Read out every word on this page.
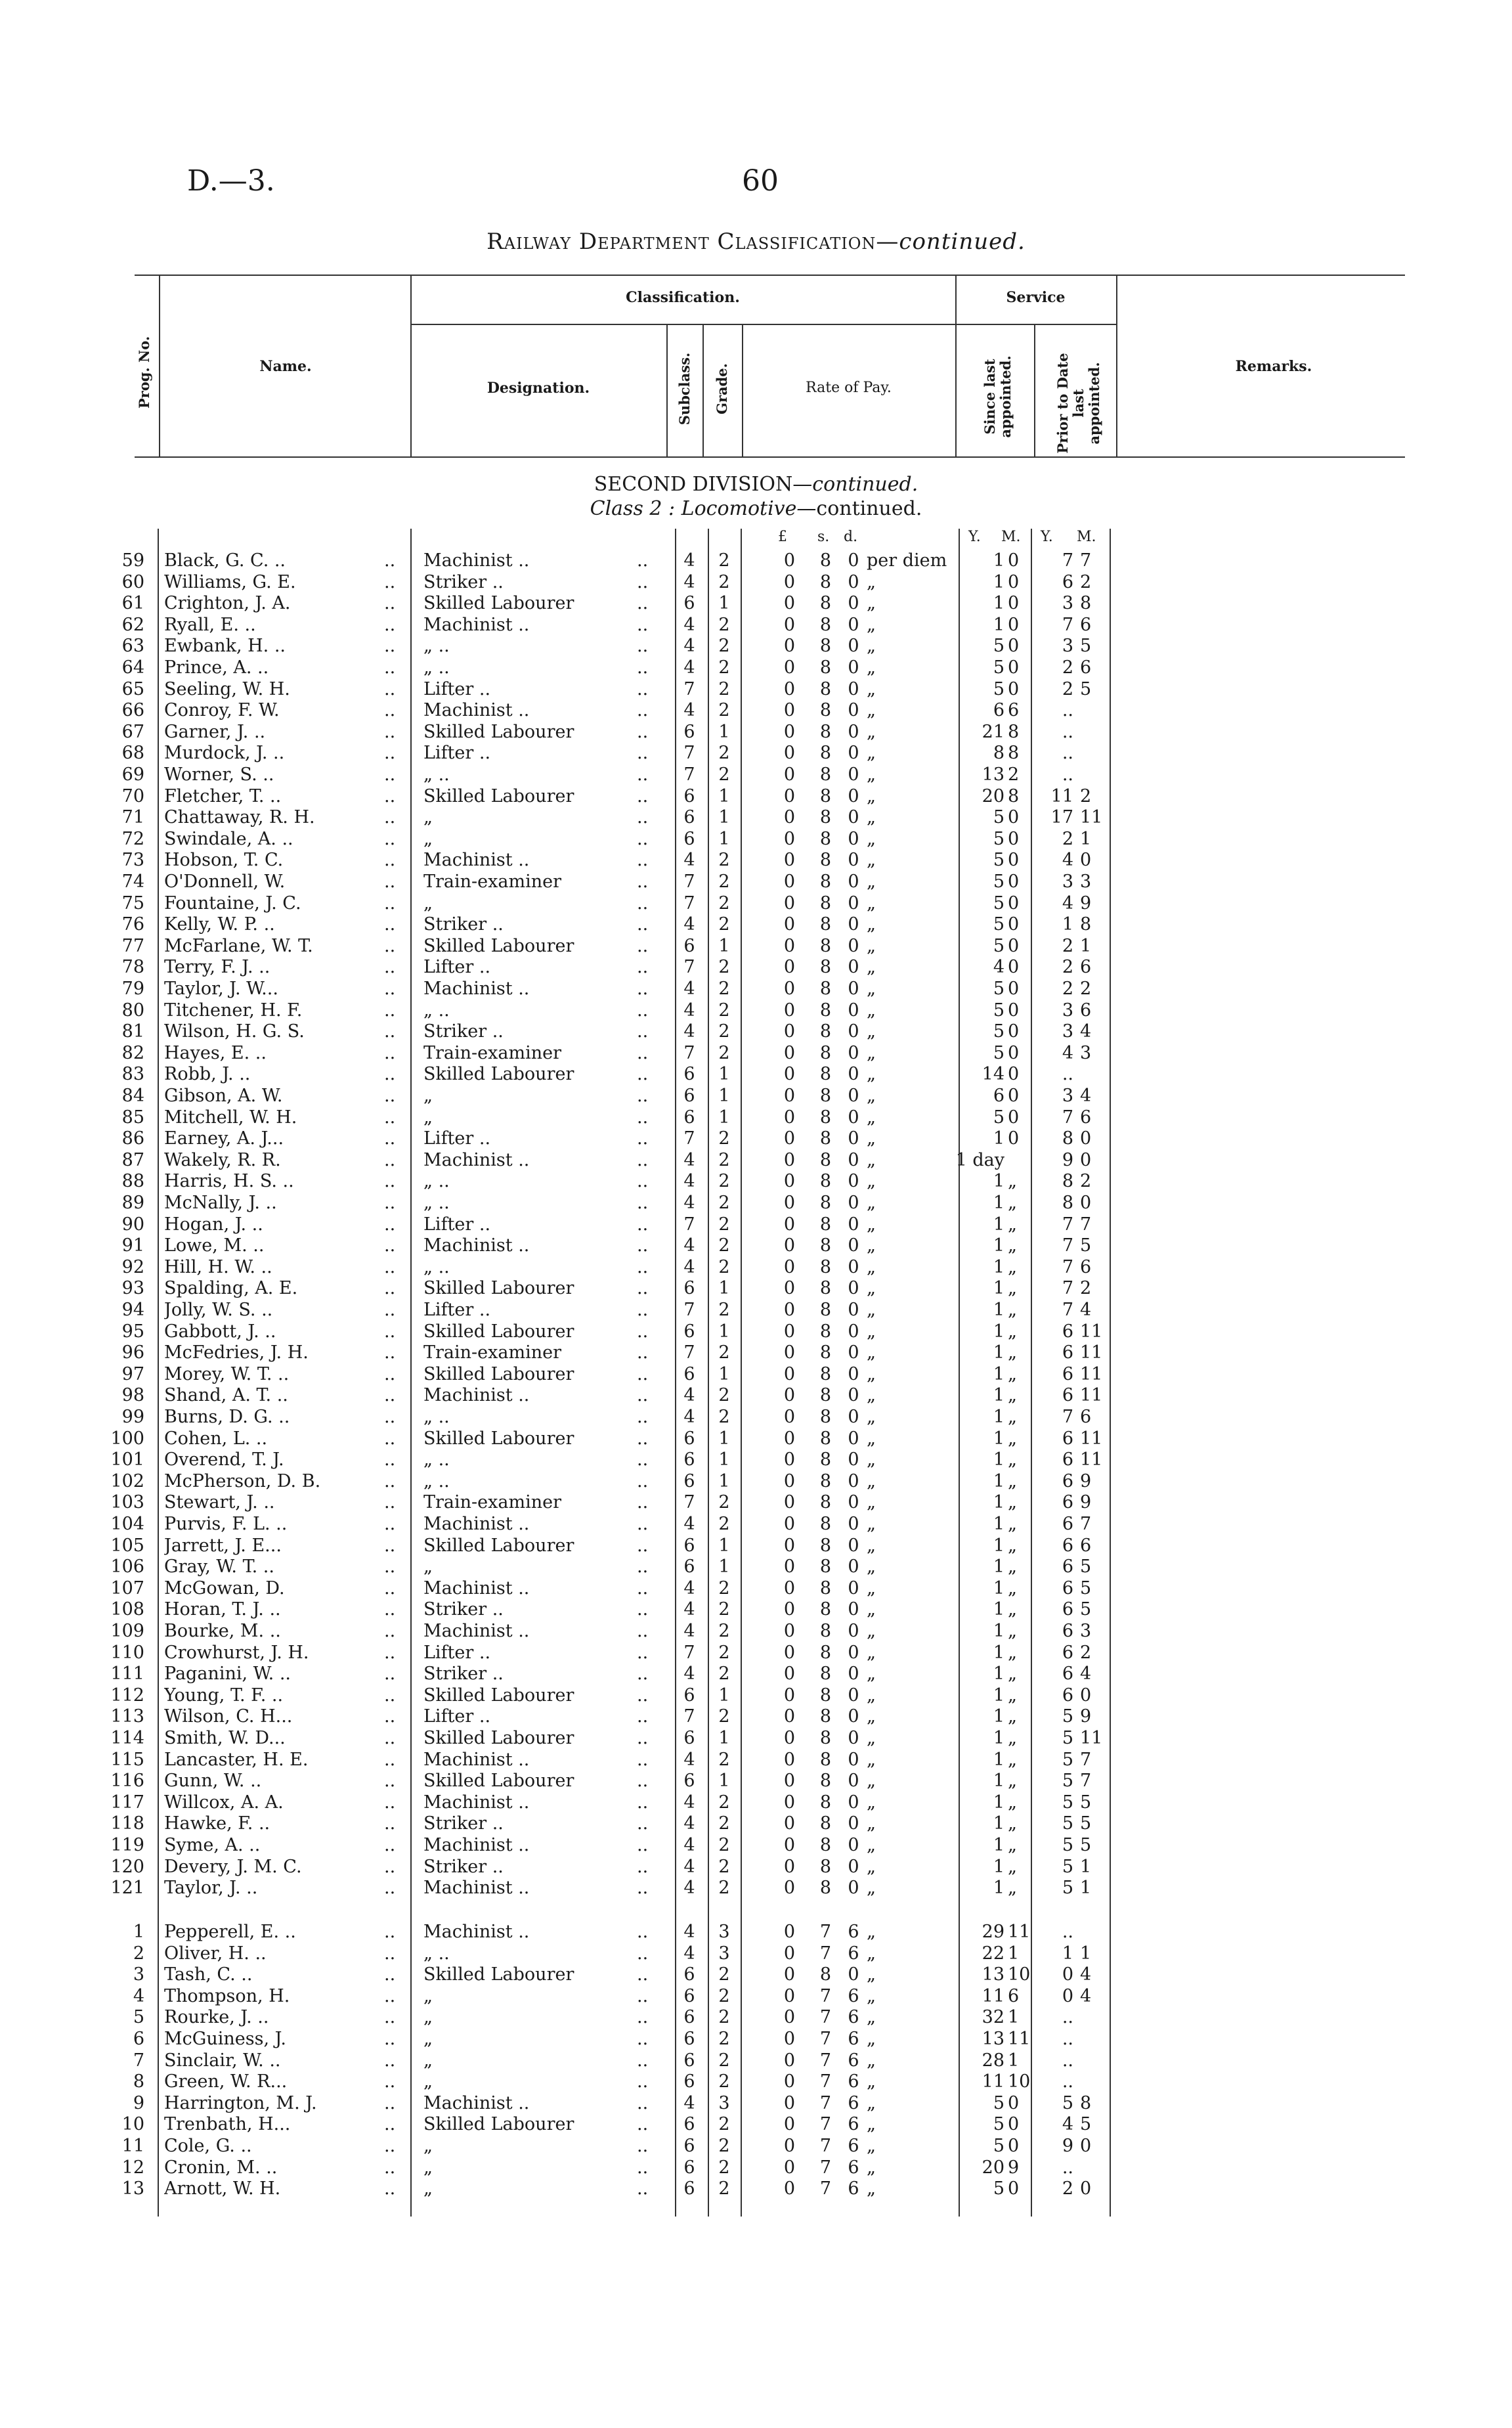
D.—3.	60
Railway Department Classification—continued.
Prog. No.	Name.
Classification.	Service
Designation.	Subclass. Grade.	Rate of Pay.	Since last appointed.	Prior to Date last appointed.	Remarks.
SECOND DIVISION—continued.
Class 2 : Locomotive—continued.
£ s. d.	Y. M. Y. M.
59 Black, G. C. ..	.. Machinist ..	..	4	2	0	8 0 per diem	1 0	7 7
60 Williams, G. E.	.. Striker ..	..	4	2	0	8 0 „	1 0	6 2
61 Crighton, J. A.	.. Skilled Labourer	..	6	1	0	8 0 „	1 0	3 8
62 Ryall, E. ..	.. Machinist ..	..	4	2	0	8 0 „	1 0	7 6
63 Ewbank, H. ..	.. „ ..	..	4	2	0	8 0 „	5 0	3 5
64 Prince, A. ..	.. „ ..	..	4	2	0	8 0 „	5 0	2 6
65 Seeling, W. H.	.. Lifter ..	..	7	2	0	8 0 „	5 0	2 5
66 Conroy, F. W.	.. Machinist ..	..	4	2	0	8 0 „	6 6	..
67 Garner, J. ..	.. Skilled Labourer	..	6	1	0	8 0 „	21 8	..
68 Murdock, J. ..	.. Lifter ..	..	7	2	0	8 0 „	8 8	..
69 Worner, S. ..	.. „ ..	..	7	2	0	8 0 „	13 2	..
70 Fletcher, T. ..	.. Skilled Labourer	..	6	1	0	8 0 „	20 8	11 2
71 Chattaway, R. H.	.. „	..	6	1	0	8 0 „	5 0	17 11
72 Swindale, A. ..	.. „	..	6	1	0	8 0 „	5 0	2 1
73 Hobson, T. C.	.. Machinist ..	..	4	2	0	8 0 „	5 0	4 0
74 O'Donnell, W.	.. Train-examiner	..	7	2	0	8 0 „	5 0	3 3
75 Fountaine, J. C.	.. „	..	7	2	0	8 0 „	5 0	4 9
76 Kelly, W. P. ..	.. Striker ..	..	4	2	0	8 0 „	5 0	1 8
77 McFarlane, W. T.	.. Skilled Labourer	..	6	1	0	8 0 „	5 0	2 1
78 Terry, F. J. ..	.. Lifter ..	..	7	2	0	8 0 „	4 0	2 6
79 Taylor, J. W...	.. Machinist ..	..	4	2	0	8 0 „	5 0	2 2
80 Titchener, H. F.	.. „ ..	..	4	2	0	8 0 „	5 0	3 6
81 Wilson, H. G. S.	.. Striker ..	..	4	2	0	8 0 „	5 0	3 4
82 Hayes, E. ..	.. Train-examiner	..	7	2	0	8 0 „	5 0	4 3
83 Robb, J. ..	.. Skilled Labourer	..	6	1	0	8 0 „	14 0	..
84 Gibson, A. W.	.. „	..	6	1	0	8 0 „	6 0	3 4
85 Mitchell, W. H.	.. „	..	6	1	0	8 0 „	5 0	7 6
86 Earney, A. J...	.. Lifter ..	..	7	2	0	8 0 „	1 0	8 0
87 Wakely, R. R.	.. Machinist ..	..	4	2	0	8 0 „	1 day	9 0
88 Harris, H. S. ..	.. „ ..	..	4	2	0	8 0 „	1 „	8 2
89 McNally, J. ..	.. „ ..	..	4	2	0	8 0 „	1 „	8 0
90 Hogan, J. ..	.. Lifter ..	..	7	2	0	8 0 „	1 „	7 7
91 Lowe, M. ..	.. Machinist ..	..	4	2	0	8 0 „	1 „	7 5
92 Hill, H. W. ..	.. „ ..	..	4	2	0	8 0 „	1 „	7 6
93 Spalding, A. E.	.. Skilled Labourer	..	6	1	0	8 0 „	1 „	7 2
94 Jolly, W. S. ..	.. Lifter ..	..	7	2	0	8 0 „	1 „	7 4
95 Gabbott, J. ..	.. Skilled Labourer	..	6	1	0	8 0 „	1 „	6 11
96 McFedries, J. H.	.. Train-examiner	..	7	2	0	8 0 „	1 „	6 11
97 Morey, W. T. ..	.. Skilled Labourer	..	6	1	0	8 0 „	1 „	6 11
98 Shand, A. T. ..	.. Machinist ..	..	4	2	0	8 0 „	1 „	6 11
99 Burns, D. G. ..	.. „ ..	..	4	2	0	8 0 „	1 „	7 6
100 Cohen, L. ..	.. Skilled Labourer	..	6	1	0	8 0 „	1 „	6 11
101 Overend, T. J.	.. „ ..	..	6	1	0	8 0 „	1 „	6 11
102 McPherson, D. B.	.. „ ..	..	6	1	0	8 0 „	1 „	6 9
103 Stewart, J. ..	.. Train-examiner	..	7	2	0	8 0 „	1 „	6 9
104 Purvis, F. L. ..	.. Machinist ..	..	4	2	0	8 0 „	1 „	6 7
105 Jarrett, J. E...	.. Skilled Labourer	..	6	1	0	8 0 „	1 „	6 6
106 Gray, W. T. ..	.. „	..	6	1	0	8 0 „	1 „	6 5
107 McGowan, D.	.. Machinist ..	..	4	2	0	8 0 „	1 „	6 5
108 Horan, T. J. ..	.. Striker ..	..	4	2	0	8 0 „	1 „	6 5
109 Bourke, M. ..	.. Machinist ..	..	4	2	0	8 0 „	1 „	6 3
110 Crowhurst, J. H.	.. Lifter ..	..	7	2	0	8 0 „	1 „	6 2
111 Paganini, W. ..	.. Striker ..	..	4	2	0	8 0 „	1 „	6 4
112 Young, T. F. ..	.. Skilled Labourer	..	6	1	0	8 0 „	1 „	6 0
113 Wilson, C. H...	.. Lifter ..	..	7	2	0	8 0 „	1 „	5 9
114 Smith, W. D...	.. Skilled Labourer	..	6	1	0	8 0 „	1 „	5 11
115 Lancaster, H. E.	.. Machinist ..	..	4	2	0	8 0 „	1 „	5 7
116 Gunn, W. ..	.. Skilled Labourer	..	6	1	0	8 0 „	1 „	5 7
117 Willcox, A. A.	.. Machinist ..	..	4	2	0	8 0 „	1 „	5 5
118 Hawke, F. ..	.. Striker ..	..	4	2	0	8 0 „	1 „	5 5
119 Syme, A. ..	.. Machinist ..	..	4	2	0	8 0 „	1 „	5 5
120 Devery, J. M. C.	.. Striker ..	..	4	2	0	8 0 „	1 „	5 1
121 Taylor, J. ..	.. Machinist ..	..	4	2	0	8 0 „	1 „	5 1
1 Pepperell, E. ..	.. Machinist ..	..	4	3	0	7 6 „	29 11	..
2 Oliver, H. ..	.. „ ..	..	4	3	0	7 6 „	22 1	1 1
3 Tash, C. ..	.. Skilled Labourer	..	6	2	0	8 0 „	13 10	0 4
4 Thompson, H.	.. „	..	6	2	0	7 6 „	11 6	0 4
5 Rourke, J. ..	.. „	..	6	2	0	7 6 „	32 1	..
6 McGuiness, J.	.. „	..	6	2	0	7 6 „	13 11	..
7 Sinclair, W. ..	.. „	..	6	2	0	7 6 „	28 1	..
8 Green, W. R...	.. „	..	6	2	0	7 6 „	11 10	..
9 Harrington, M. J.	.. Machinist ..	..	4	3	0	7 6 „	5 0	5 8
10 Trenbath, H...	.. Skilled Labourer	..	6	2	0	7 6 „	5 0	4 5
11 Cole, G. ..	.. „	..	6	2	0	7 6 „	5 0	9 0
12 Cronin, M. ..	.. „	..	6	2	0	7 6 „	20 9	..
13 Arnott, W. H.	.. „	..	6	2	0	7 6 „	5 0	2 0
